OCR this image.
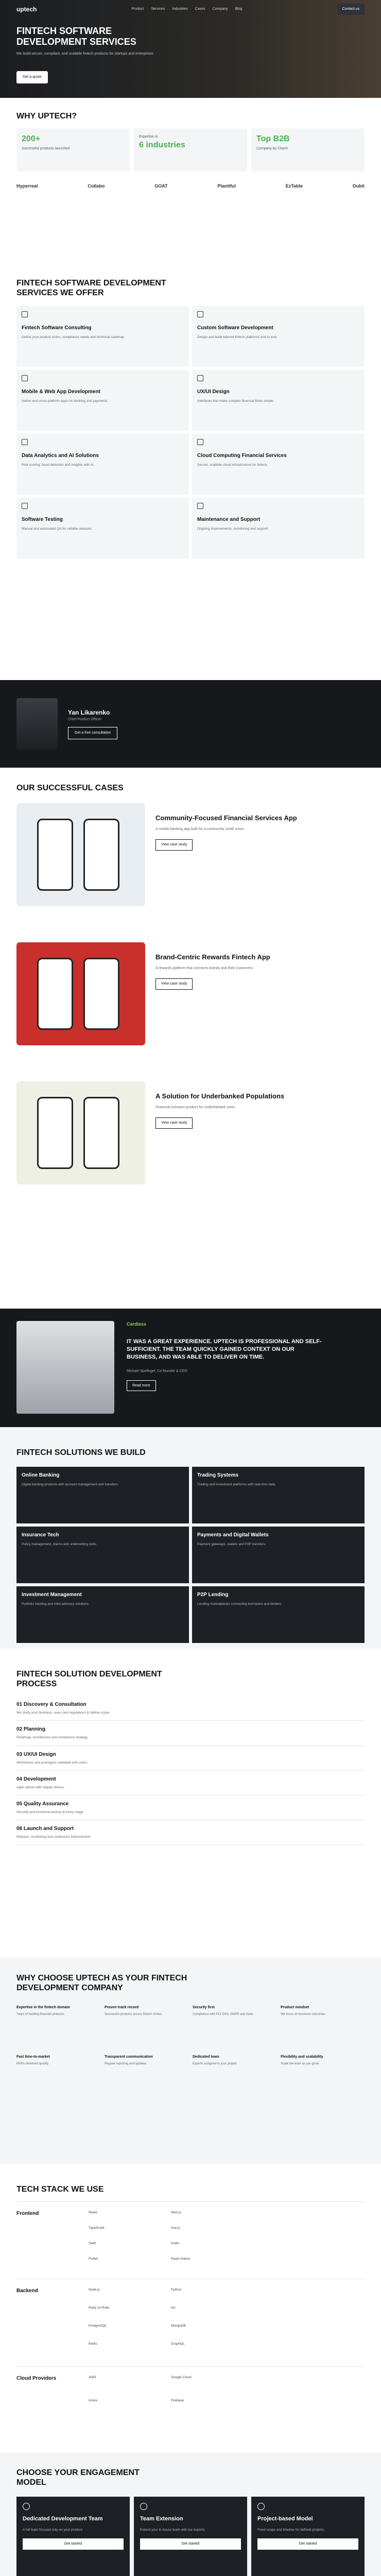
uptech	Product Services Industries Cases Company Blog	Contact us
FINTECH SOFTWARE DEVELOPMENT SERVICES

We build secure, compliant, and scalable fintech products for startups and enterprises.

Get a quote
WHY UPTECH?
200+
Successful products launched
Expertise in
6 industries
Top B2B
Company by Clutch
Hyperreal	Collabo	GOAT	Plantiful	EzTable	Dubit
FINTECH SOFTWARE DEVELOPMENT SERVICES WE OFFER
Fintech Software Consulting

Define your product vision, compliance needs and technical roadmap.

Custom Software Development

Design and build tailored fintech platforms end to end.

Mobile & Web App Development

Native and cross-platform apps for banking and payments.

UX/UI Design

Interfaces that make complex financial flows simple.

Data Analytics and AI Solutions

Risk scoring, fraud detection and insights with AI.

Cloud Computing Financial Services

Secure, scalable cloud infrastructure for fintech.

Software Testing

Manual and automated QA for reliable releases.

Maintenance and Support

Ongoing improvements, monitoring and support.

Yan Likarenko
Chief Product Officer
Get a free consultation
OUR SUCCESSFUL CASES
Community-Focused Financial Services App

A mobile banking app built for a community credit union.

View case study
Brand-Centric Rewards Fintech App

A rewards platform that connects brands and their customers.

View case study
A Solution for Underbanked Populations

Financial inclusion product for underbanked users.

View case study
Cardless
IT WAS A GREAT EXPERIENCE. UPTECH IS PROFESSIONAL AND SELF-SUFFICIENT. THE TEAM QUICKLY GAINED CONTEXT ON OUR BUSINESS, AND WAS ABLE TO DELIVER ON TIME.
Michael Spelfogel, Co-founder & CEO
Read more
FINTECH SOLUTIONS WE BUILD
Online Banking

Digital banking products with account management and transfers.

Trading Systems

Trading and investment platforms with real-time data.

Insurance Tech

Policy management, claims and underwriting tools.

Payments and Digital Wallets

Payment gateways, wallets and P2P transfers.

Investment Management

Portfolio tracking and robo-advisory solutions.

P2P Lending

Lending marketplaces connecting borrowers and lenders.

FINTECH SOLUTION DEVELOPMENT PROCESS
01 Discovery & Consultation

We study your business, users and regulations to define scope.

02 Planning

Roadmap, architecture and compliance strategy.

03 UX/UI Design

Wireframes and prototypes validated with users.

04 Development

Agile sprints with regular demos.

05 Quality Assurance

Security and functional testing at every stage.

06 Launch and Support

Release, monitoring and continuous improvement.

WHY CHOOSE UPTECH AS YOUR FINTECH DEVELOPMENT COMPANY
Expertise in the fintech domain

Years of building financial products.

Proven track record

Successful products across fintech niches.

Security first

Compliance with PCI DSS, GDPR and more.

Product mindset

We focus on business outcomes.

Fast time-to-market

MVPs delivered quickly.

Transparent communication

Regular reporting and updates.

Dedicated team

Experts assigned to your project.

Flexibility and scalability

Scale the team as you grow.

TECH STACK WE USE
Frontend	React	Next.js
TypeScript	Vue.js
Swift	Kotlin
Flutter	React Native
Backend	Node.js	Python
Ruby on Rails	Go
PostgreSQL	MongoDB
Redis	GraphQL
Cloud Providers	AWS	Google Cloud
Azure	Firebase
CHOOSE YOUR ENGAGEMENT MODEL
Dedicated Development Team

A full team focused only on your product.

Get started
Team Extension

Extend your in-house team with our experts.

Get started
Project-based Model

Fixed scope and timeline for defined projects.

Get started
